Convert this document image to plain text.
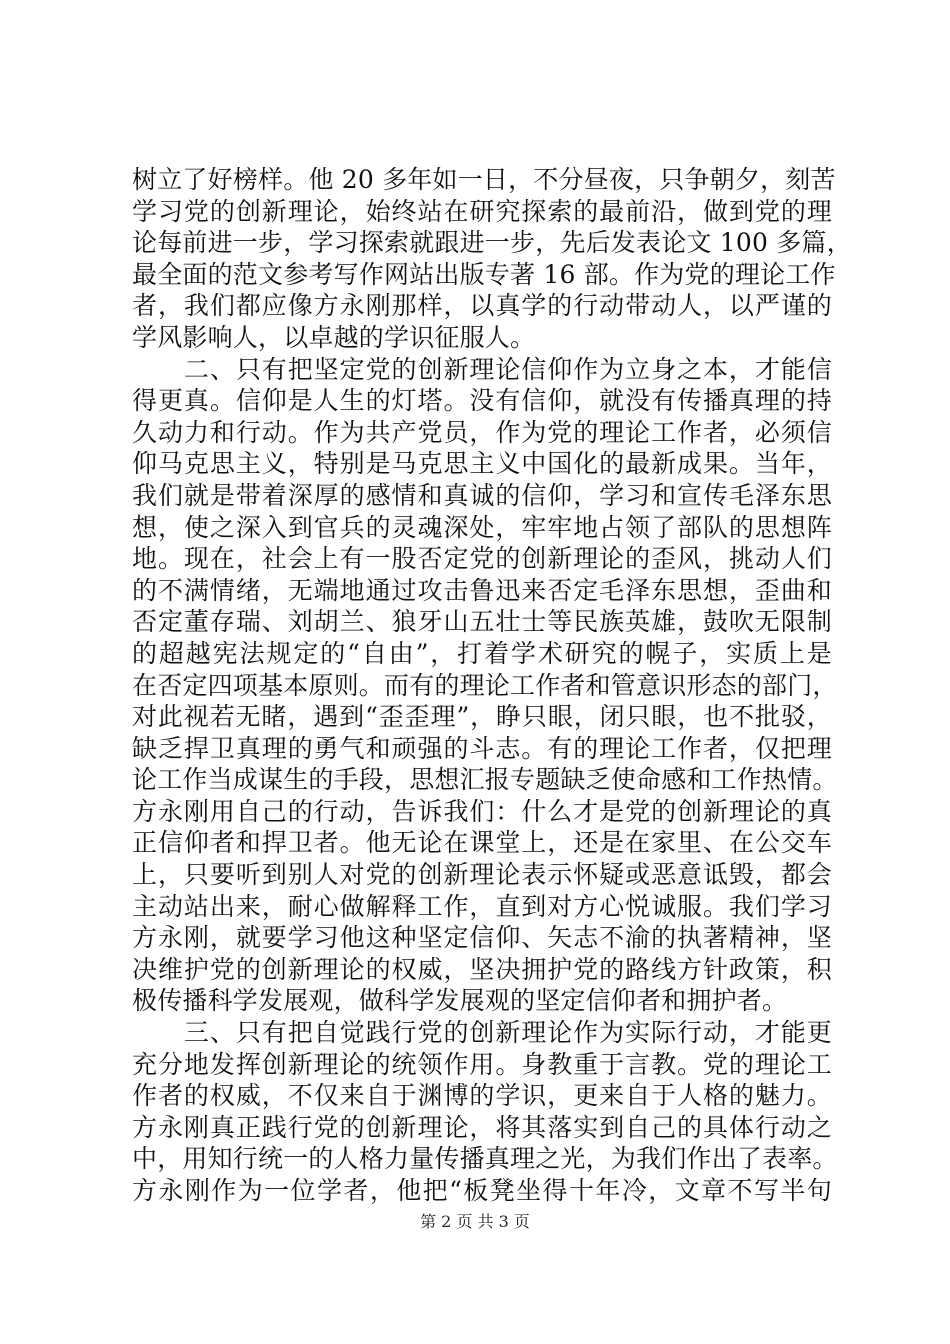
树立了好榜样。他 20 多年如一日，不分昼夜，只争朝夕，刻苦
学习党的创新理论，始终站在研究探索的最前沿，做到党的理
论每前进一步，学习探索就跟进一步，先后发表论文 100 多篇，
最全面的范文参考写作网站出版专著 16 部。作为党的理论工作
者，我们都应像方永刚那样，以真学的行动带动人，以严谨的
学风影响人，以卓越的学识征服人。
　　二、只有把坚定党的创新理论信仰作为立身之本，才能信
得更真。信仰是人生的灯塔。没有信仰，就没有传播真理的持
久动力和行动。作为共产党员，作为党的理论工作者，必须信
仰马克思主义，特别是马克思主义中国化的最新成果。当年，
我们就是带着深厚的感情和真诚的信仰，学习和宣传毛泽东思
想，使之深入到官兵的灵魂深处，牢牢地占领了部队的思想阵
地。现在，社会上有一股否定党的创新理论的歪风，挑动人们
的不满情绪，无端地通过攻击鲁迅来否定毛泽东思想，歪曲和
否定董存瑞、刘胡兰、狼牙山五壮士等民族英雄，鼓吹无限制
的超越宪法规定的“自由”，打着学术研究的幌子，实质上是
在否定四项基本原则。而有的理论工作者和管意识形态的部门，
对此视若无睹，遇到“歪歪理”，睁只眼，闭只眼，也不批驳，
缺乏捍卫真理的勇气和顽强的斗志。有的理论工作者，仅把理
论工作当成谋生的手段，思想汇报专题缺乏使命感和工作热情。
方永刚用自己的行动，告诉我们：什么才是党的创新理论的真
正信仰者和捍卫者。他无论在课堂上，还是在家里、在公交车
上，只要听到别人对党的创新理论表示怀疑或恶意诋毁，都会
主动站出来，耐心做解释工作，直到对方心悦诚服。我们学习
方永刚，就要学习他这种坚定信仰、矢志不渝的执著精神，坚
决维护党的创新理论的权威，坚决拥护党的路线方针政策，积
极传播科学发展观，做科学发展观的坚定信仰者和拥护者。
　　三、只有把自觉践行党的创新理论作为实际行动，才能更
充分地发挥创新理论的统领作用。身教重于言教。党的理论工
作者的权威，不仅来自于渊博的学识，更来自于人格的魅力。
方永刚真正践行党的创新理论，将其落实到自己的具体行动之
中，用知行统一的人格力量传播真理之光，为我们作出了表率。
方永刚作为一位学者，他把“板凳坐得十年冷，文章不写半句
第 2 页 共 3 页
